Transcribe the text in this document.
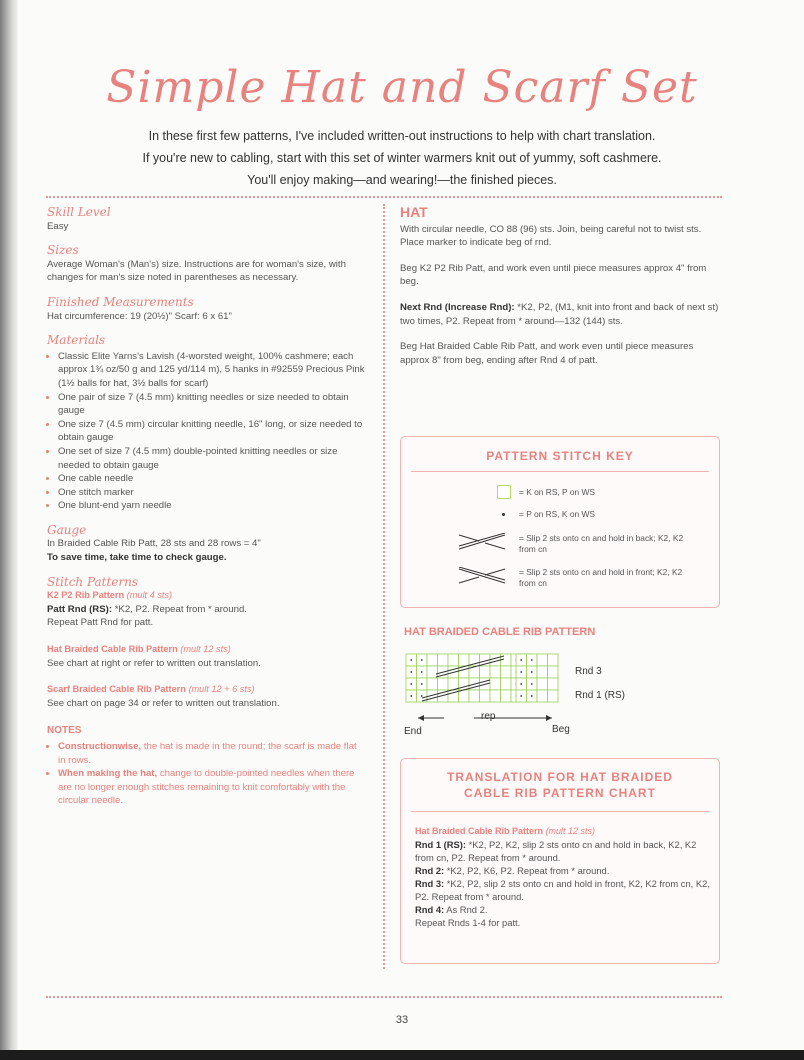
Simple Hat and Scarf Set
In these first few patterns, I've included written-out instructions to help with chart translation.
If you're new to cabling, start with this set of winter warmers knit out of yummy, soft cashmere.
You'll enjoy making—and wearing!—the finished pieces.
Skill Level

Easy

Sizes

Average Woman's (Man's) size. Instructions are for woman's size, with changes for man's size noted in parentheses as necessary.

Finished Measurements

Hat circumference: 19 (20½)" Scarf: 6 x 61"

Materials
• Classic Elite Yarns's Lavish (4-worsted weight, 100% cashmere; each approx 1¾ oz/50 g and 125 yd/114 m), 5 hanks in #92559 Precious Pink (1½ balls for hat, 3½ balls for scarf)
• One pair of size 7 (4.5 mm) knitting needles or size needed to obtain gauge
• One size 7 (4.5 mm) circular knitting needle, 16" long, or size needed to obtain gauge
• One set of size 7 (4.5 mm) double-pointed knitting needles or size needed to obtain gauge
• One cable needle
• One stitch marker
• One blunt-end yarn needle
Gauge

In Braided Cable Rib Patt, 28 sts and 28 rows = 4"

To save time, take time to check gauge.

Stitch Patterns
K2 P2 Rib Pattern (mult 4 sts)

Patt Rnd (RS): *K2, P2. Repeat from * around.

Repeat Patt Rnd for patt.

Hat Braided Cable Rib Pattern (mult 12 sts)

See chart at right or refer to written out translation.

Scarf Braided Cable Rib Pattern (mult 12 + 6 sts)

See chart on page 34 or refer to written out translation.

NOTES
• Constructionwise, the hat is made in the round; the scarf is made flat in rows.
• When making the hat, change to double-pointed needles when there are no longer enough stitches remaining to knit comfortably with the circular needle.
HAT

With circular needle, CO 88 (96) sts. Join, being careful not to twist sts. Place marker to indicate beg of rnd.

Beg K2 P2 Rib Patt, and work even until piece measures approx 4" from beg.

Next Rnd (Increase Rnd): *K2, P2, (M1, knit into front and back of next st) two times, P2. Repeat from * around—132 (144) sts.

Beg Hat Braided Cable Rib Patt, and work even until piece measures approx 8" from beg, ending after Rnd 4 of patt.

PATTERN STITCH KEY
= K on RS, P on WS
= P on RS, K on WS
= Slip 2 sts onto cn and hold in back; K2, K2 from cn
= Slip 2 sts onto cn and hold in front; K2, K2 from cn
HAT BRAIDED CABLE RIB PATTERN
Rnd 3
Rnd 1 (RS)
rep
End	Beg
TRANSLATION FOR HAT BRAIDED
CABLE RIB PATTERN CHART
Hat Braided Cable Rib Pattern (mult 12 sts)

Rnd 1 (RS): *K2, P2, K2, slip 2 sts onto cn and hold in back, K2, K2 from cn, P2. Repeat from * around.

Rnd 2: *K2, P2, K6, P2. Repeat from * around.

Rnd 3: *K2, P2, slip 2 sts onto cn and hold in front, K2, K2 from cn, K2, P2. Repeat from * around.

Rnd 4: As Rnd 2.

Repeat Rnds 1-4 for patt.

33
